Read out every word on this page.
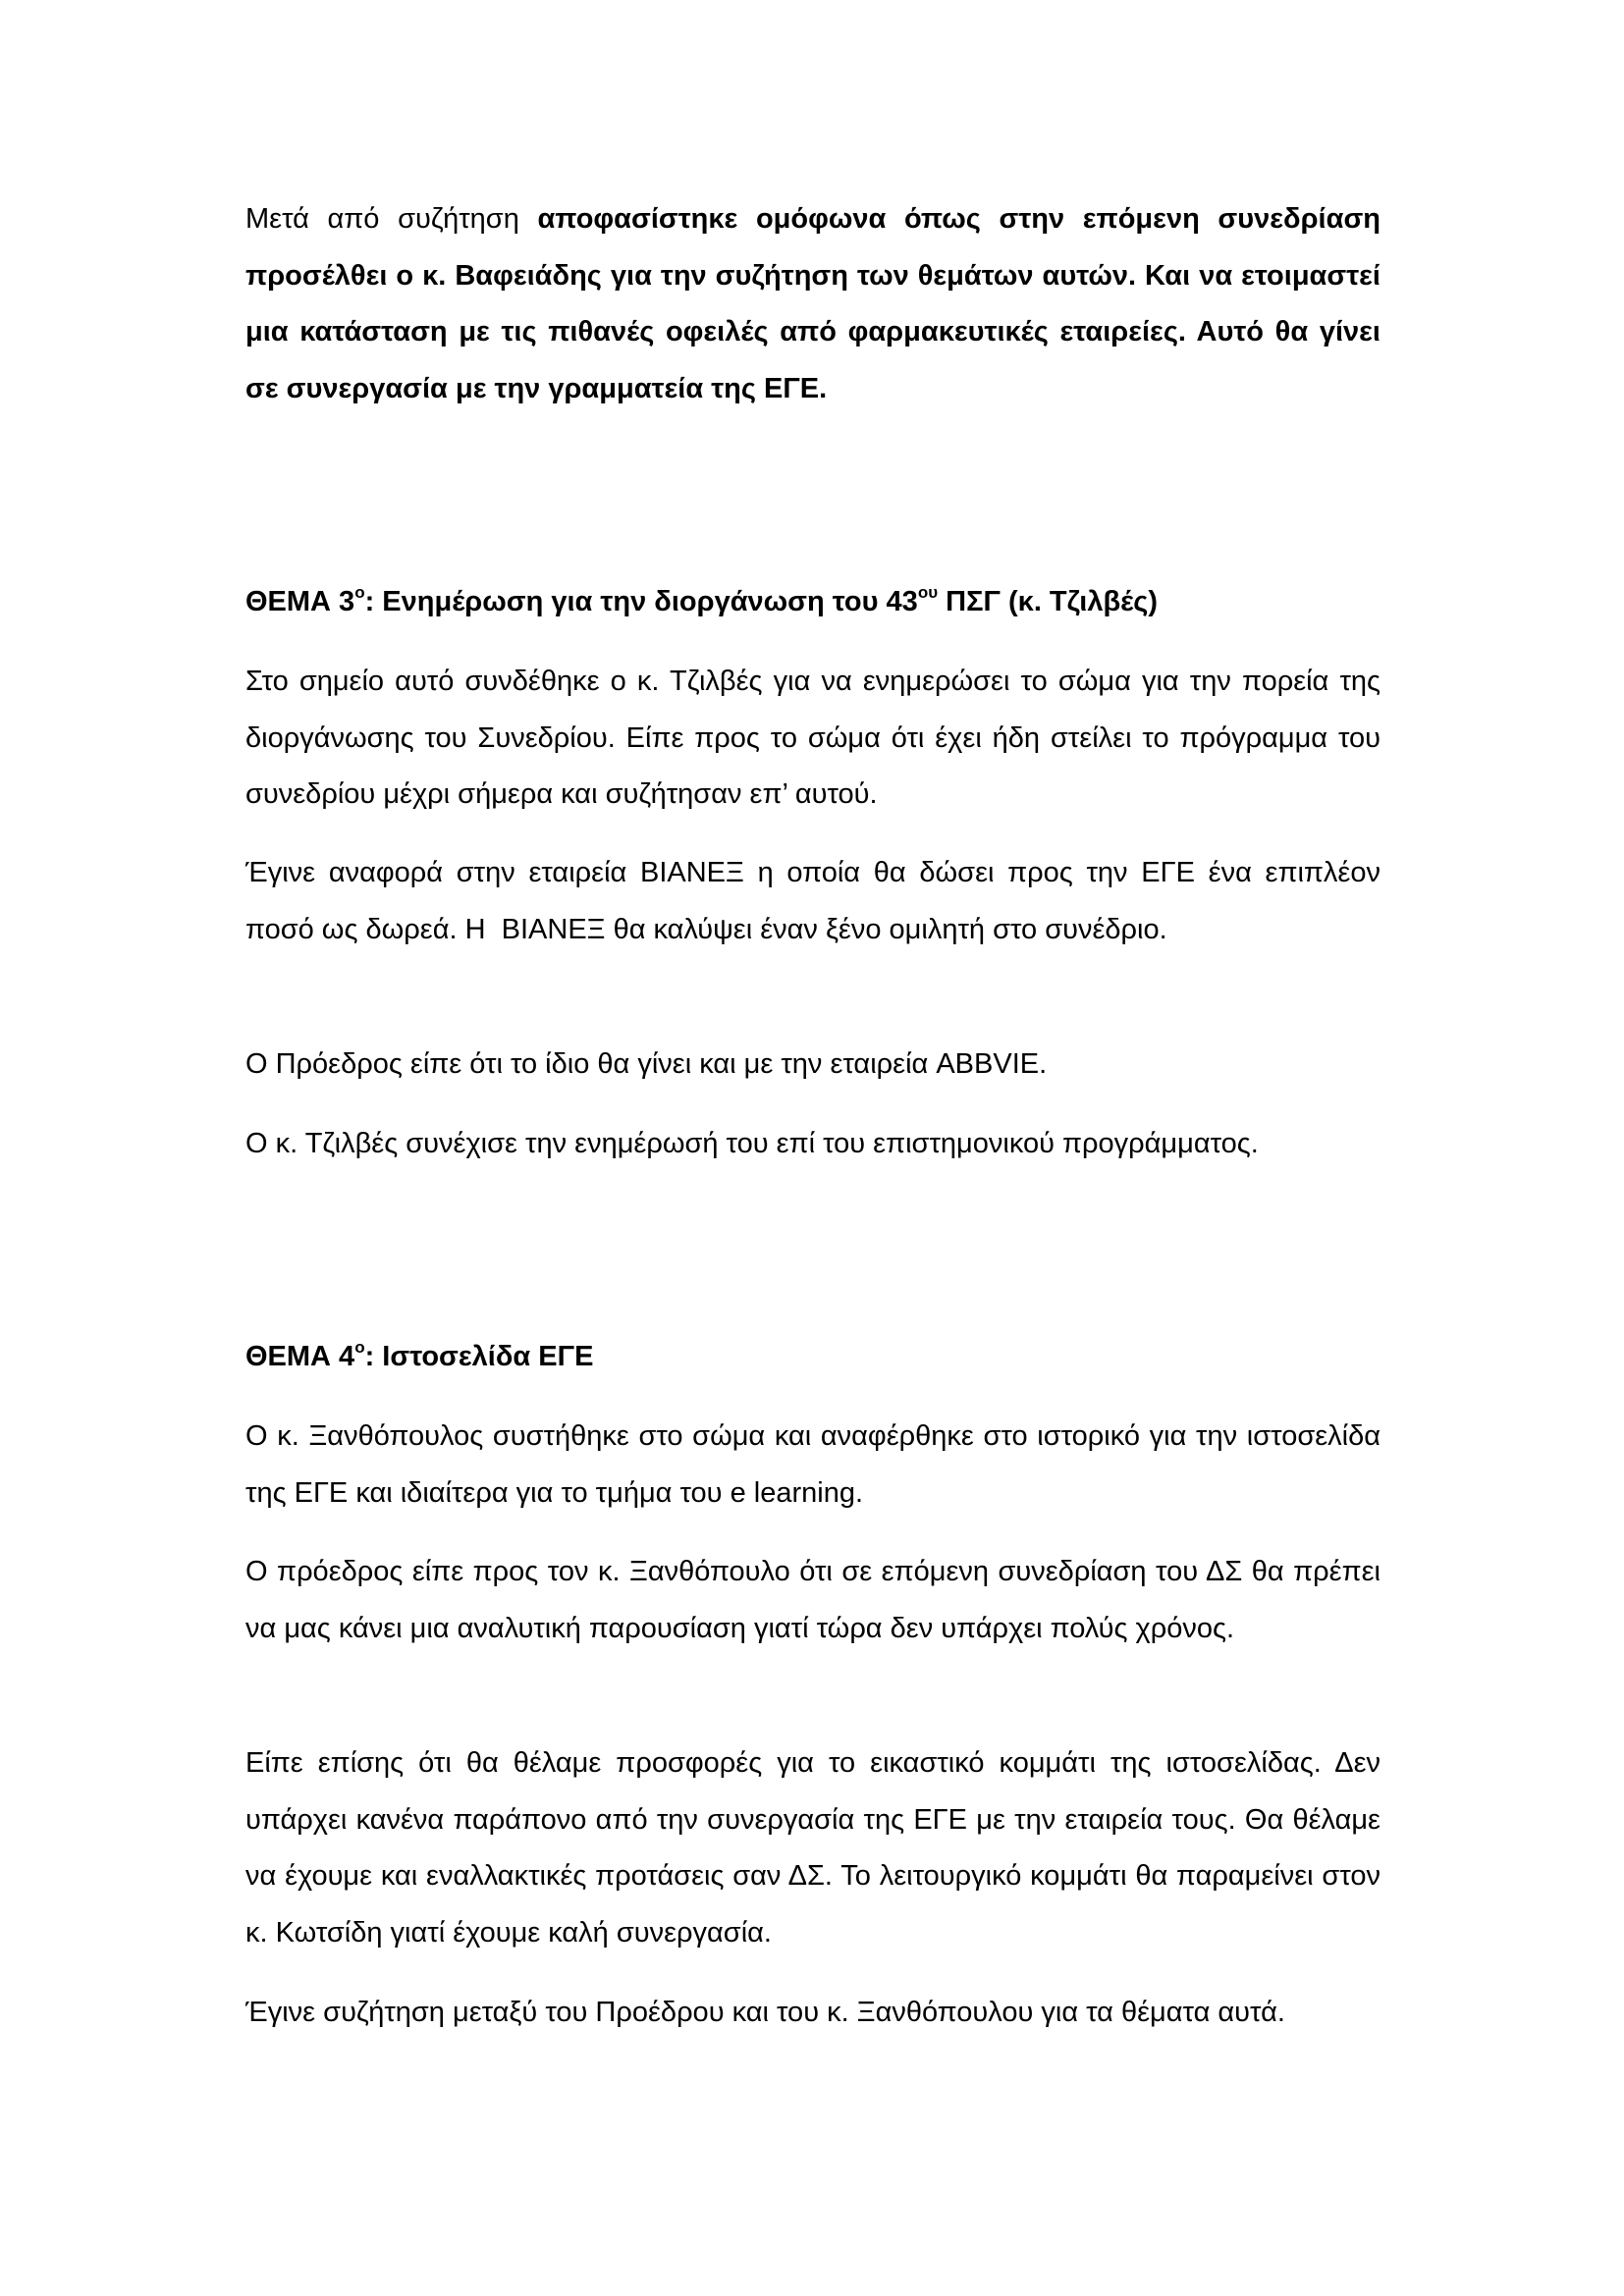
Μετά από συζήτηση αποφασίστηκε ομόφωνα όπως στην επόμενη συνεδρίαση προσέλθει ο κ. Βαφειάδης για την συζήτηση των θεμάτων αυτών. Και να ετοιμαστεί μια κατάσταση με τις πιθανές οφειλές από φαρμακευτικές εταιρείες. Αυτό θα γίνει σε συνεργασία με την γραμματεία της ΕΓΕ.

ΘΕΜΑ $3^o$: Ενημέρωση για την διοργάνωση του $43^{o\upsilon}$ ΠΣΓ (κ. Τζιλβές)

Στο σημείο αυτό συνδέθηκε ο κ. Τζιλβές για να ενημερώσει το σώμα για την πορεία της διοργάνωσης του Συνεδρίου. Είπε προς το σώμα ότι έχει ήδη στείλει το πρόγραμμα του συνεδρίου μέχρι σήμερα και συζήτησαν επ’ αυτού.

Έγινε αναφορά στην εταιρεία ΒΙΑΝΕΞ η οποία θα δώσει προς την ΕΓΕ ένα επιπλέον ποσό ως δωρεά. Η  ΒΙΑΝΕΞ θα καλύψει έναν ξένο ομιλητή στο συνέδριο.

Ο Πρόεδρος είπε ότι το ίδιο θα γίνει και με την εταιρεία ABBVIE.

Ο κ. Τζιλβές συνέχισε την ενημέρωσή του επί του επιστημονικού προγράμματος.

ΘΕΜΑ $4^o$: Ιστοσελίδα ΕΓΕ

Ο κ. Ξανθόπουλος συστήθηκε στο σώμα και αναφέρθηκε στο ιστορικό για την ιστοσελίδα της ΕΓΕ και ιδιαίτερα για το τμήμα του e learning.

Ο πρόεδρος είπε προς τον κ. Ξανθόπουλο ότι σε επόμενη συνεδρίαση του ΔΣ θα πρέπει να μας κάνει μια αναλυτική παρουσίαση γιατί τώρα δεν υπάρχει πολύς χρόνος.

Είπε επίσης ότι θα θέλαμε προσφορές για το εικαστικό κομμάτι της ιστοσελίδας. Δεν υπάρχει κανένα παράπονο από την συνεργασία της ΕΓΕ με την εταιρεία τους. Θα θέλαμε να έχουμε και εναλλακτικές προτάσεις σαν ΔΣ. Το λειτουργικό κομμάτι θα παραμείνει στον κ. Κωτσίδη γιατί έχουμε καλή συνεργασία.

Έγινε συζήτηση μεταξύ του Προέδρου και του κ. Ξανθόπουλου για τα θέματα αυτά.
